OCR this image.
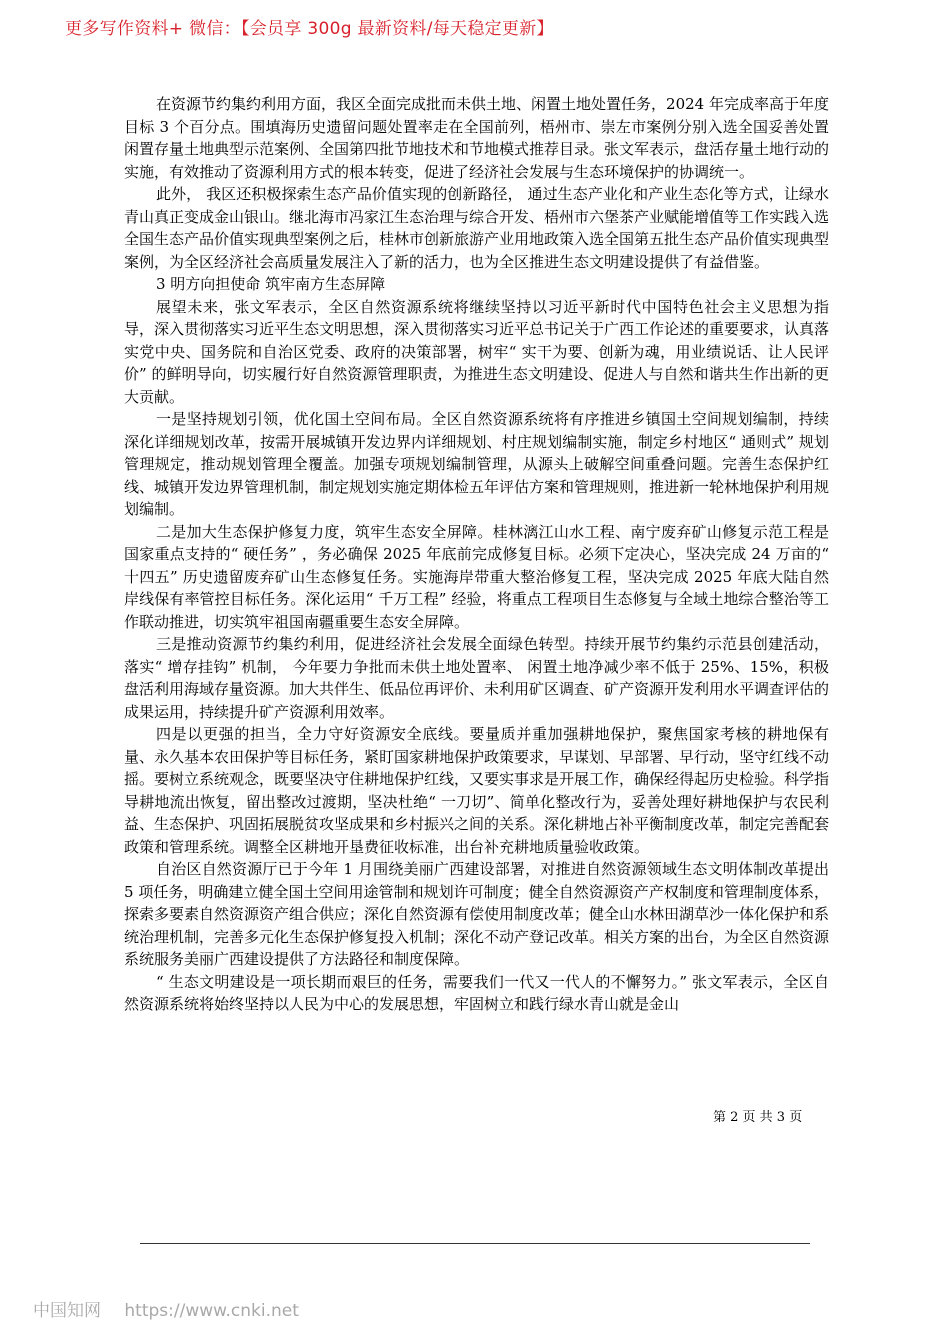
更多写作资料+ 微信：【会员享 300g 最新资料/每天稳定更新】

在资源节约集约利用方面，我区全面完成批而未供土地、闲置土地处置任务，2024 年完成率高于年度目标 3 个百分点。围填海历史遗留问题处置率走在全国前列，梧州市、崇左市案例分别入选全国妥善处置闲置存量土地典型示范案例、全国第四批节地技术和节地模式推荐目录。张文军表示，盘活存量土地行动的实施，有效推动了资源利用方式的根本转变，促进了经济社会发展与生态环境保护的协调统一。

此外， 我区还积极探索生态产品价值实现的创新路径， 通过生态产业化和产业生态化等方式，让绿水青山真正变成金山银山。继北海市冯家江生态治理与综合开发、梧州市六堡茶产业赋能增值等工作实践入选全国生态产品价值实现典型案例之后，桂林市创新旅游产业用地政策入选全国第五批生态产品价值实现典型案例，为全区经济社会高质量发展注入了新的活力，也为全区推进生态文明建设提供了有益借鉴。

3 明方向担使命 筑牢南方生态屏障

展望未来，张文军表示，全区自然资源系统将继续坚持以习近平新时代中国特色社会主义思想为指导，深入贯彻落实习近平生态文明思想，深入贯彻落实习近平总书记关于广西工作论述的重要要求，认真落实党中央、国务院和自治区党委、政府的决策部署，树牢“ 实干为要、创新为魂，用业绩说话、让人民评价” 的鲜明导向，切实履行好自然资源管理职责，为推进生态文明建设、促进人与自然和谐共生作出新的更大贡献。

一是坚持规划引领，优化国土空间布局。全区自然资源系统将有序推进乡镇国土空间规划编制，持续深化详细规划改革，按需开展城镇开发边界内详细规划、村庄规划编制实施，制定乡村地区“ 通则式” 规划管理规定，推动规划管理全覆盖。加强专项规划编制管理，从源头上破解空间重叠问题。完善生态保护红线、城镇开发边界管理机制，制定规划实施定期体检五年评估方案和管理规则，推进新一轮林地保护利用规划编制。

二是加大生态保护修复力度，筑牢生态安全屏障。桂林漓江山水工程、南宁废弃矿山修复示范工程是国家重点支持的“ 硬任务” ，务必确保 2025 年底前完成修复目标。必须下定决心，坚决完成 24 万亩的“ 十四五” 历史遗留废弃矿山生态修复任务。实施海岸带重大整治修复工程，坚决完成 2025 年底大陆自然岸线保有率管控目标任务。深化运用“ 千万工程” 经验，将重点工程项目生态修复与全域土地综合整治等工作联动推进，切实筑牢祖国南疆重要生态安全屏障。

三是推动资源节约集约利用，促进经济社会发展全面绿色转型。持续开展节约集约示范县创建活动， 落实“ 增存挂钩” 机制， 今年要力争批而未供土地处置率、 闲置土地净减少率不低于 25%、15%，积极盘活利用海域存量资源。加大共伴生、低品位再评价、未利用矿区调查、矿产资源开发利用水平调查评估的成果运用，持续提升矿产资源利用效率。

四是以更强的担当，全力守好资源安全底线。要量质并重加强耕地保护，聚焦国家考核的耕地保有量、永久基本农田保护等目标任务，紧盯国家耕地保护政策要求，早谋划、早部署、早行动，坚守红线不动摇。要树立系统观念，既要坚决守住耕地保护红线，又要实事求是开展工作，确保经得起历史检验。科学指导耕地流出恢复，留出整改过渡期，坚决杜绝“ 一刀切”、简单化整改行为，妥善处理好耕地保护与农民利益、生态保护、巩固拓展脱贫攻坚成果和乡村振兴之间的关系。深化耕地占补平衡制度改革，制定完善配套政策和管理系统。调整全区耕地开垦费征收标准，出台补充耕地质量验收政策。

自治区自然资源厅已于今年 1 月围绕美丽广西建设部署，对推进自然资源领域生态文明体制改革提出 5 项任务，明确建立健全国土空间用途管制和规划许可制度；健全自然资源资产产权制度和管理制度体系，探索多要素自然资源资产组合供应；深化自然资源有偿使用制度改革；健全山水林田湖草沙一体化保护和系统治理机制，完善多元化生态保护修复投入机制；深化不动产登记改革。相关方案的出台，为全区自然资源系统服务美丽广西建设提供了方法路径和制度保障。

“ 生态文明建设是一项长期而艰巨的任务，需要我们一代又一代人的不懈努力。” 张文军表示，全区自然资源系统将始终坚持以人民为中心的发展思想，牢固树立和践行绿水青山就是金山

第 2 页 共 3 页
中国知网 https://www.cnki.net
